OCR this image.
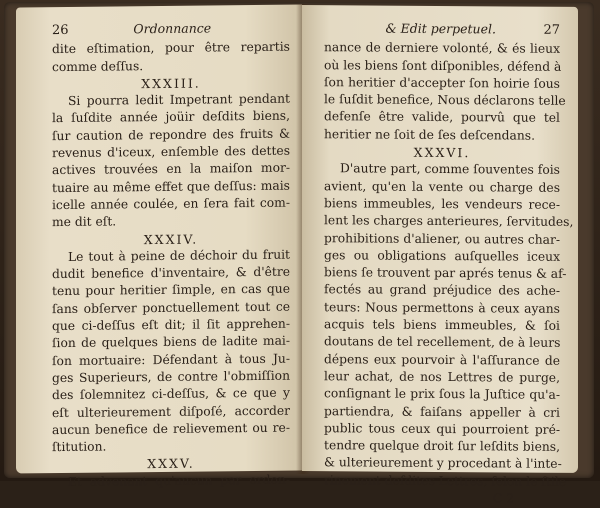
26	Ordonnance
dite eſtimation, pour être repartis
comme deſſus.
XXXIII.
Si pourra ledit Impetrant pendant
la ſuſdite année joüir deſdits biens,
ſur caution de repondre des fruits &
revenus d'iceux, enſemble des dettes
actives trouvées en la maiſon mor-
tuaire au même effet que deſſus: mais
icelle année coulée, en ſera fait com-
me dit eſt.
XXXIV.
Le tout à peine de déchoir du fruit
dudit benefice d'inventaire, & d'être
tenu pour heritier ſimple, en cas que
ſans obſerver ponctuellement tout ce
que ci-deſſus eſt dit; il ſit apprehen-
ſion de quelques biens de ladite mai-
ſon mortuaire: Défendant à tous Ju-
ges Superieurs, de contre l'obmiſſion
des ſolemnitez ci-deſſus, & ce que y
eſt ulterieurement diſpoſé, accorder
aucun benefice de relievement ou re-
ſtitution.
XXXV.
Et advenant qu'aucun par ordon-
& Edit perpetuel.	27
nance de derniere volonté, & és lieux
où les biens ſont diſponibles, défend à
ſon heritier d'accepter ſon hoirie ſous
le ſuſdit benefice, Nous déclarons telle
defenſe être valide, pourvû que tel
heritier ne ſoit de ſes deſcendans.
XXXVI.
D'autre part, comme ſouventes fois
avient, qu'en la vente ou charge des
biens immeubles, les vendeurs rece-
lent les charges anterieures, ſervitudes,
prohibitions d'aliener, ou autres char-
ges ou obligations auſquelles iceux
biens ſe trouvent par aprés tenus & af-
fectés au grand préjudice des ache-
teurs: Nous permettons à ceux ayans
acquis tels biens immeubles, & ſoi
doutans de tel recellement, de à leurs
dépens eux pourvoir à l'aſſurance de
leur achat, de nos Lettres de purge,
conſignant le prix ſous la Juſtice qu'a-
partiendra, & faiſans appeller à cri
public tous ceux qui pourroient pré-
tendre quelque droit ſur leſdits biens,
& ulterieurement y procedant à l'inte-
rinement deſdites Lettres, ſelon le ſtile
C 2
